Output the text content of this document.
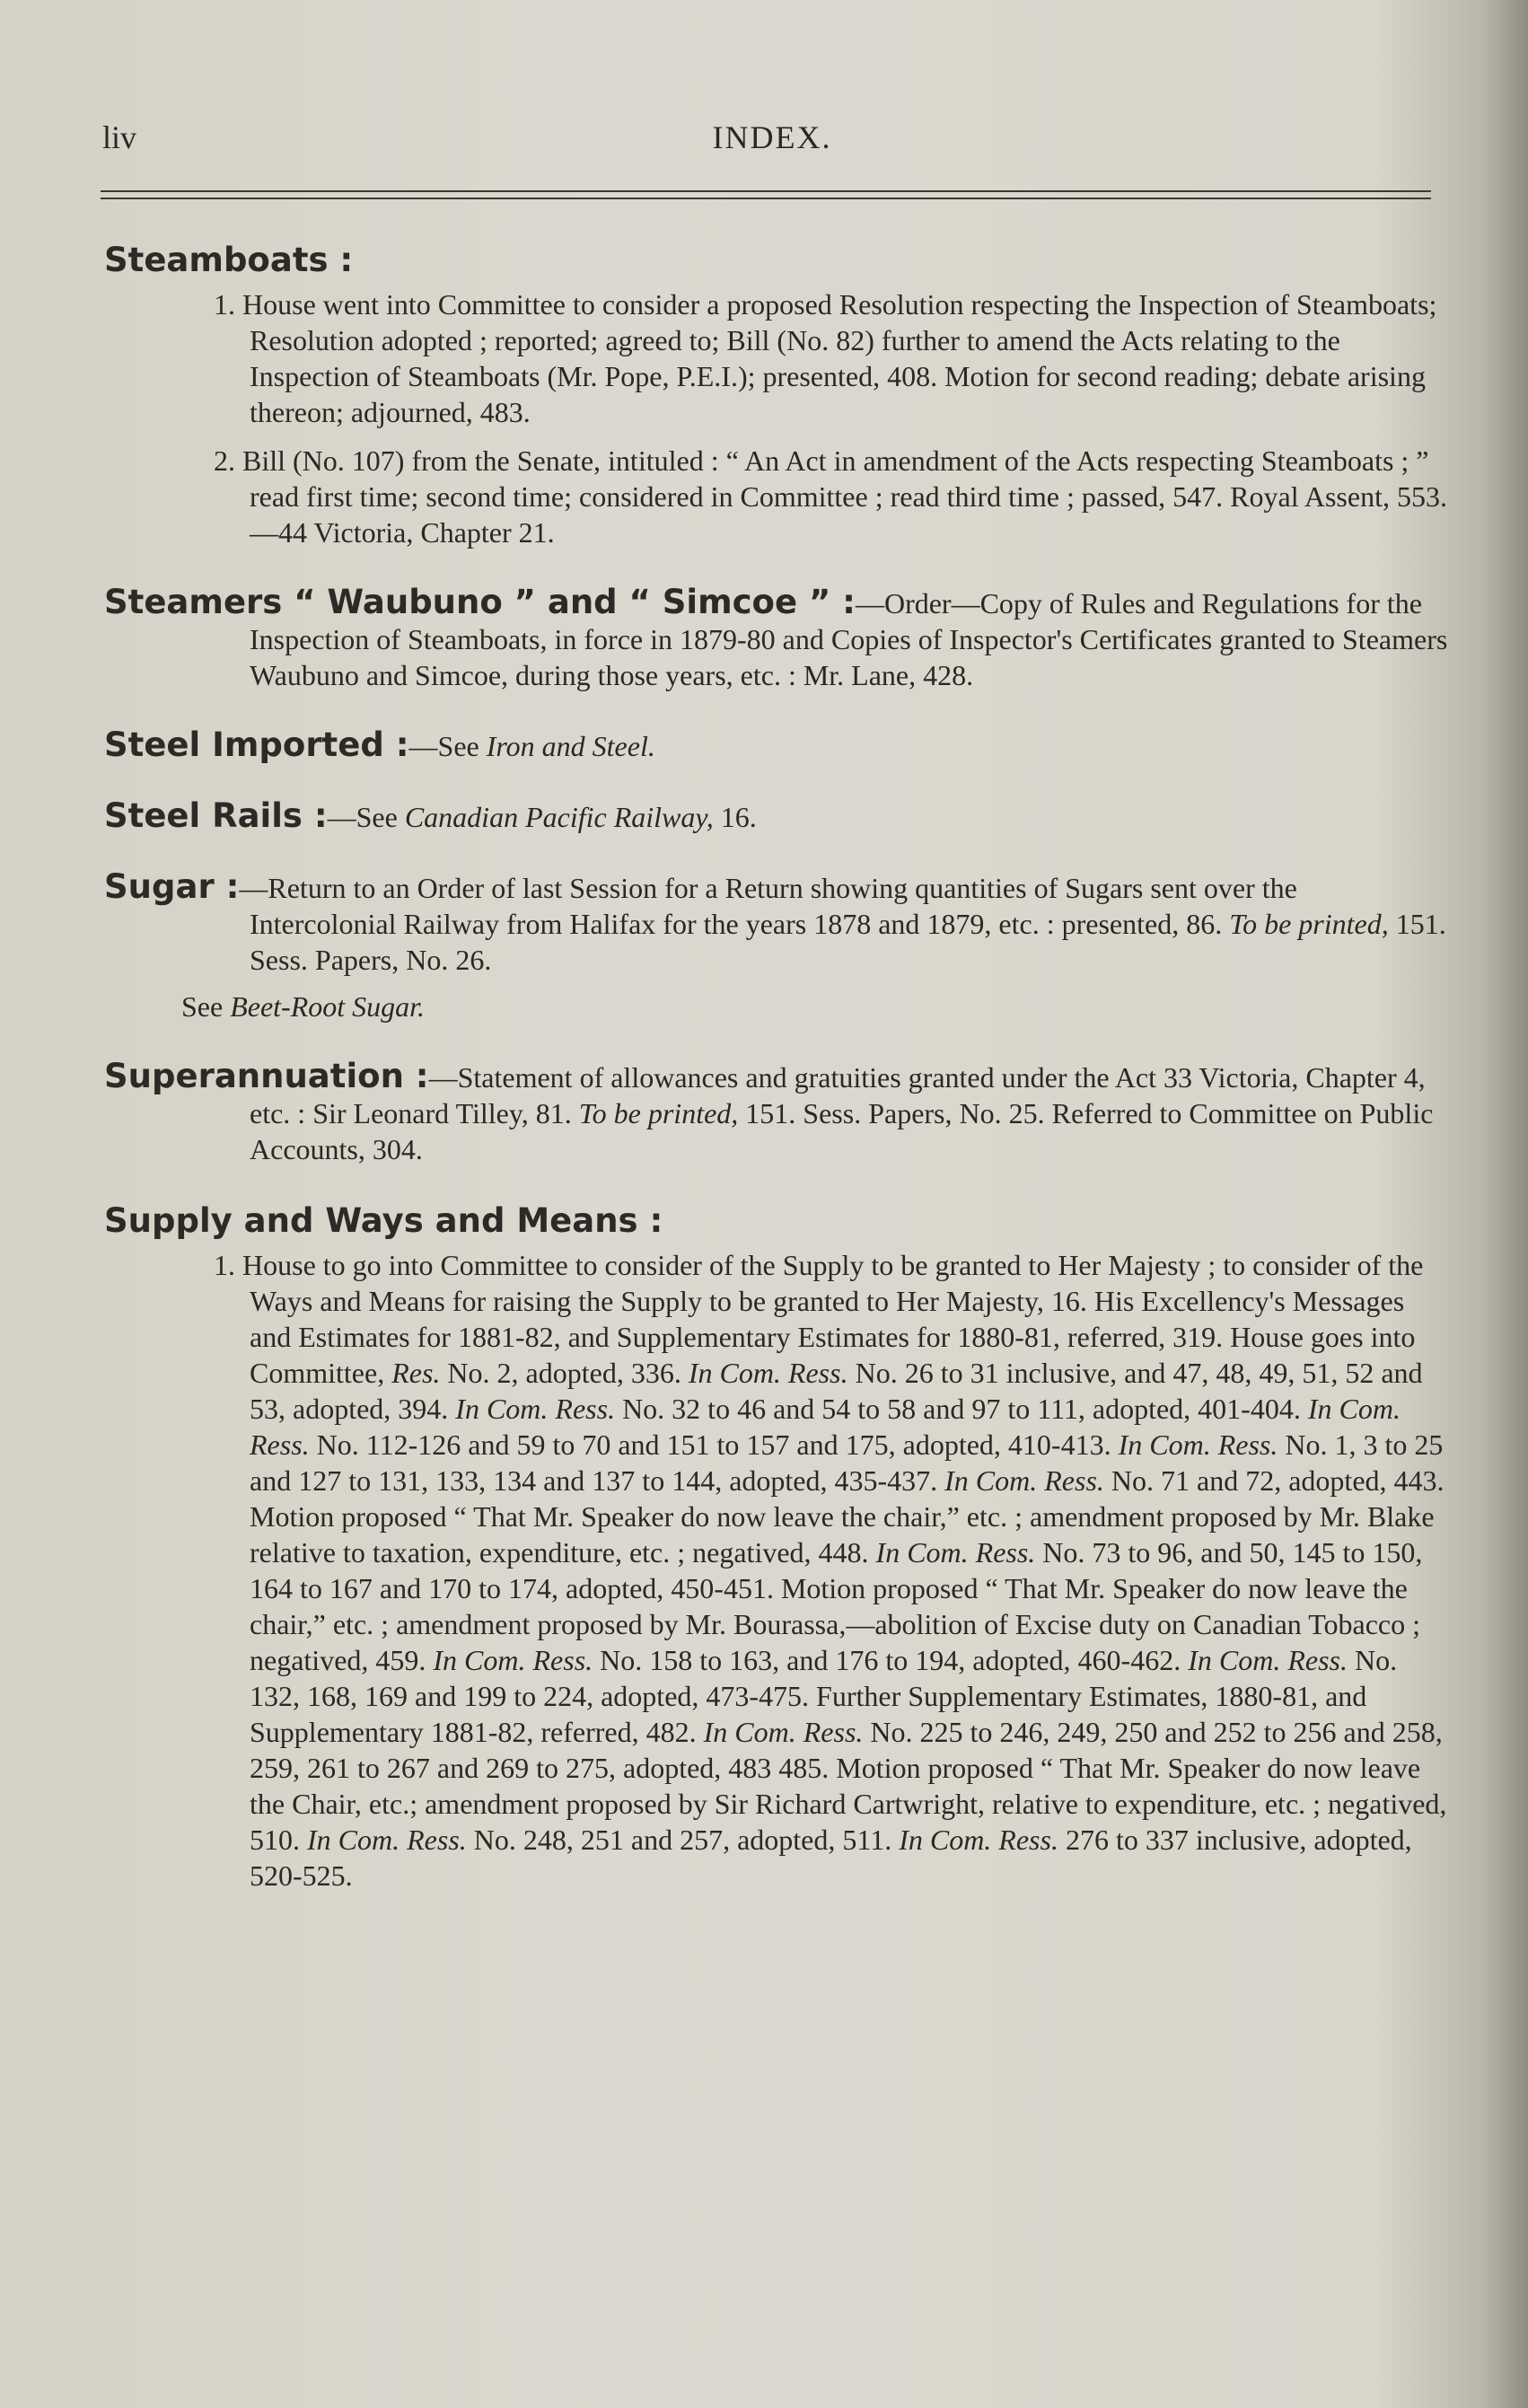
liv	INDEX.
Steamboats :
1. House went into Committee to consider a proposed Resolution respecting the Inspection of Steamboats; Resolution adopted ; reported; agreed to; Bill (No. 82) further to amend the Acts relating to the Inspection of Steamboats (Mr. Pope, P.E.I.); presented, 408. Motion for second reading; debate arising thereon; adjourned, 483.
2. Bill (No. 107) from the Senate, intituled : “ An Act in amendment of the Acts respecting Steamboats ; ” read first time; second time; considered in Committee ; read third time ; passed, 547. Royal Assent, 553.—44 Victoria, Chapter 21.
Steamers “ Waubuno ” and “ Simcoe ” :—Order—Copy of Rules and Regulations for the Inspection of Steamboats, in force in 1879-80 and Copies of Inspector's Certificates granted to Steamers Waubuno and Simcoe, during those years, etc. : Mr. Lane, 428.
Steel Imported :—See Iron and Steel.
Steel Rails :—See Canadian Pacific Railway, 16.
Sugar :—Return to an Order of last Session for a Return showing quantities of Sugars sent over the Intercolonial Railway from Halifax for the years 1878 and 1879, etc. : presented, 86. To be printed, 151. Sess. Papers, No. 26.
See Beet-Root Sugar.
Superannuation :—Statement of allowances and gratuities granted under the Act 33 Victoria, Chapter 4, etc. : Sir Leonard Tilley, 81. To be printed, 151. Sess. Papers, No. 25. Referred to Committee on Public Accounts, 304.
Supply and Ways and Means :
1. House to go into Committee to consider of the Supply to be granted to Her Majesty ; to consider of the Ways and Means for raising the Supply to be granted to Her Majesty, 16. His Excellency's Messages and Estimates for 1881-82, and Supplementary Estimates for 1880-81, referred, 319. House goes into Committee, Res. No. 2, adopted, 336. In Com. Ress. No. 26 to 31 inclusive, and 47, 48, 49, 51, 52 and 53, adopted, 394. In Com. Ress. No. 32 to 46 and 54 to 58 and 97 to 111, adopted, 401-404. In Com. Ress. No. 112-126 and 59 to 70 and 151 to 157 and 175, adopted, 410-413. In Com. Ress. No. 1, 3 to 25 and 127 to 131, 133, 134 and 137 to 144, adopted, 435-437. In Com. Ress. No. 71 and 72, adopted, 443. Motion proposed “ That Mr. Speaker do now leave the chair,” etc. ; amendment proposed by Mr. Blake relative to taxation, expenditure, etc. ; negatived, 448. In Com. Ress. No. 73 to 96, and 50, 145 to 150, 164 to 167 and 170 to 174, adopted, 450-451. Motion proposed “ That Mr. Speaker do now leave the chair,” etc. ; amendment proposed by Mr. Bourassa,—abolition of Excise duty on Canadian Tobacco ; negatived, 459. In Com. Ress. No. 158 to 163, and 176 to 194, adopted, 460-462. In Com. Ress. No. 132, 168, 169 and 199 to 224, adopted, 473-475. Further Supplementary Estimates, 1880-81, and Supplementary 1881-82, referred, 482. In Com. Ress. No. 225 to 246, 249, 250 and 252 to 256 and 258, 259, 261 to 267 and 269 to 275, adopted, 483 485. Motion proposed “ That Mr. Speaker do now leave the Chair, etc.; amendment proposed by Sir Richard Cartwright, relative to expenditure, etc. ; negatived, 510. In Com. Ress. No. 248, 251 and 257, adopted, 511. In Com. Ress. 276 to 337 inclusive, adopted, 520-525.
